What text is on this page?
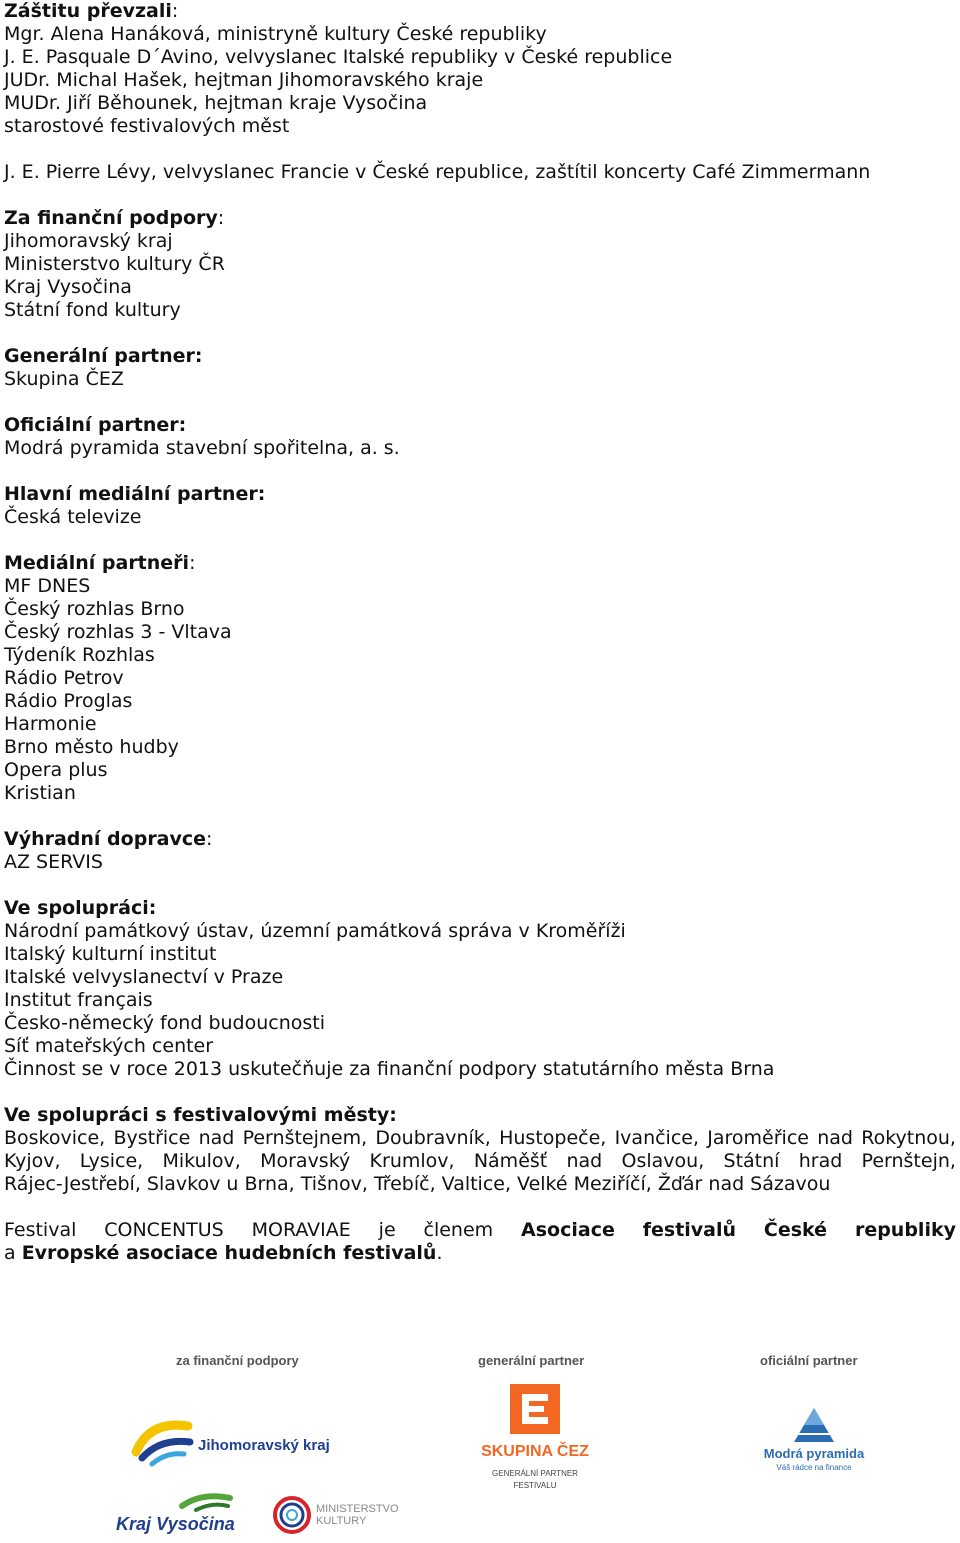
Záštitu převzali:
Mgr. Alena Hanáková, ministryně kultury České republiky
J. E. Pasquale D´Avino, velvyslanec Italské republiky v České republice
JUDr. Michal Hašek, hejtman Jihomoravského kraje
MUDr. Jiří Běhounek, hejtman kraje Vysočina
starostové festivalových měst
J. E. Pierre Lévy, velvyslanec Francie v České republice, zaštítil koncerty Café Zimmermann
Za finanční podpory:
Jihomoravský kraj
Ministerstvo kultury ČR
Kraj Vysočina
Státní fond kultury
Generální partner:
Skupina ČEZ
Oficiální partner:
Modrá pyramida stavební spořitelna, a. s.
Hlavní mediální partner:
Česká televize
Mediální partneři:
MF DNES
Český rozhlas Brno
Český rozhlas 3 - Vltava
Týdeník Rozhlas
Rádio Petrov
Rádio Proglas
Harmonie
Brno město hudby
Opera plus
Kristian
Výhradní dopravce:
AZ SERVIS
Ve spolupráci:
Národní památkový ústav, územní památková správa v Kroměříži
Italský kulturní institut
Italské velvyslanectví v Praze
Institut français
Česko-německý fond budoucnosti
Síť mateřských center
Činnost se v roce 2013 uskutečňuje za finanční podpory statutárního města Brna
Ve spolupráci s festivalovými městy:
Boskovice, Bystřice nad Pernštejnem, Doubravník, Hustopeče, Ivančice, Jaroměřice nad Rokytnou,
Kyjov, Lysice, Mikulov, Moravský Krumlov, Náměšť nad Oslavou, Státní hrad Pernštejn,
Rájec-Jestřebí, Slavkov u Brna, Tišnov, Třebíč, Valtice, Velké Meziříčí, Žďár nad Sázavou
Festival CONCENTUS MORAVIAE je členem Asociace festivalů České republiky
a Evropské asociace hudebních festivalů.
za finanční podpory	generální partner	oficiální partner
Jihomoravský kraj	SKUPINA ČEZ
GENERÁLNÍ PARTNER
FESTIVALU
Modrá pyramida
Váš rádce na finance
Kraj Vysočina
MINISTERSTVO
KULTURY
